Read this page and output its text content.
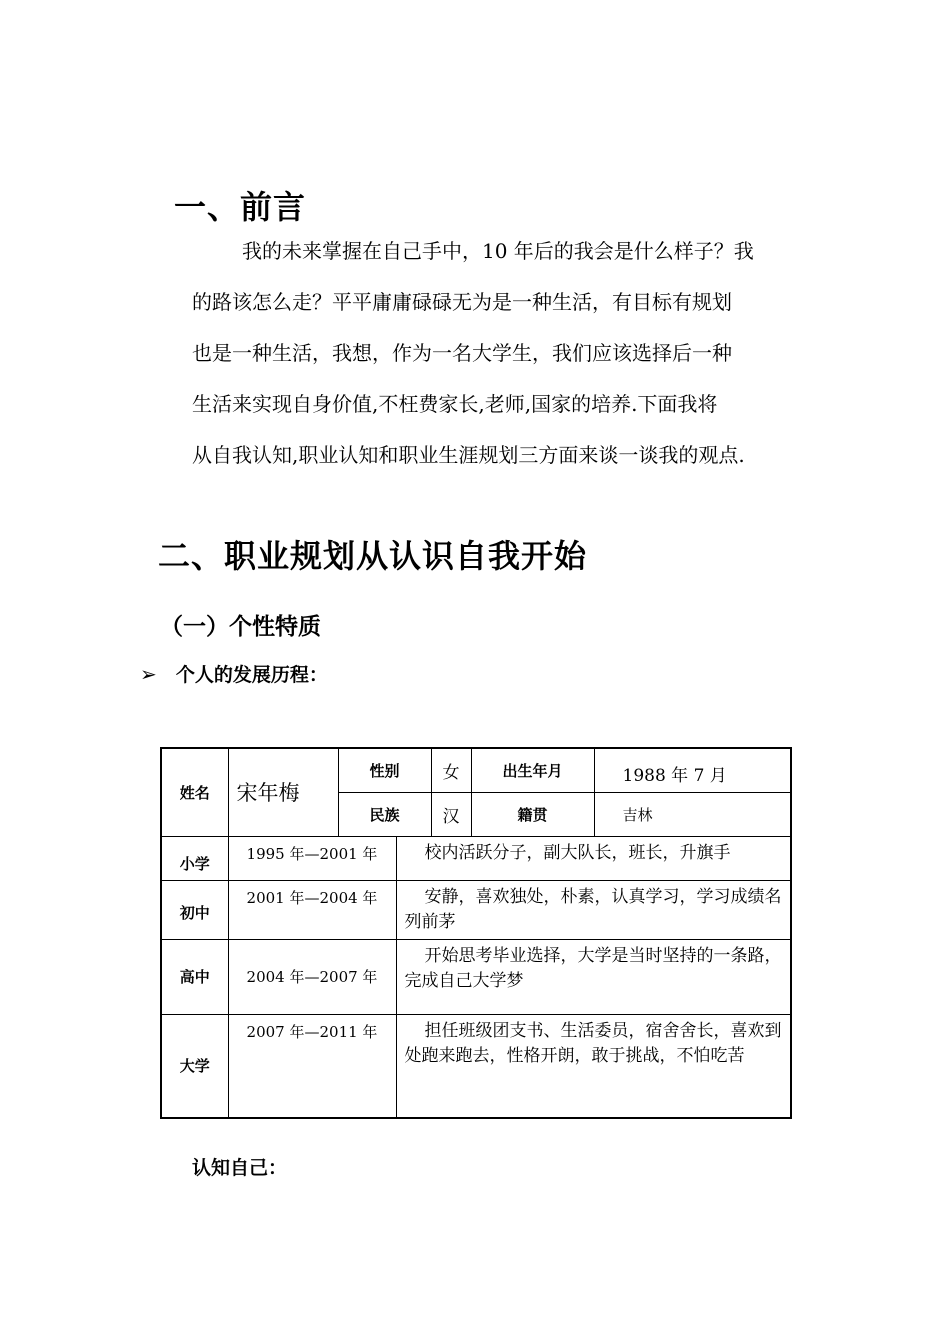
一、前言
我的未来掌握在自己手中，10 年后的我会是什么样子？我
的路该怎么走？平平庸庸碌碌无为是一种生活，有目标有规划
也是一种生活，我想，作为一名大学生，我们应该选择后一种
生活来实现自身价值,不枉费家长,老师,国家的培养.下面我将
从自我认知,职业认知和职业生涯规划三方面来谈一谈我的观点.
二、职业规划从认识自我开始
（一）个性特质
➢ 个人的发展历程：
姓名	宋年梅	性别		女	出生年月	1988 年 7 月
		民族		汉	籍贯	吉林
小学	1995 年—2001 年		校内活跃分子，副大队长，班长，升旗手			
初中	2001 年—2004 年		安静，喜欢独处，朴素，认真学习，学习成绩名列前茅			
高中	2004 年—2007 年		开始思考毕业选择，大学是当时坚持的一条路，完成自己大学梦			
大学	2007 年—2011 年		担任班级团支书、生活委员，宿舍舍长，喜欢到处跑来跑去，性格开朗，敢于挑战，不怕吃苦			
认知自己：
